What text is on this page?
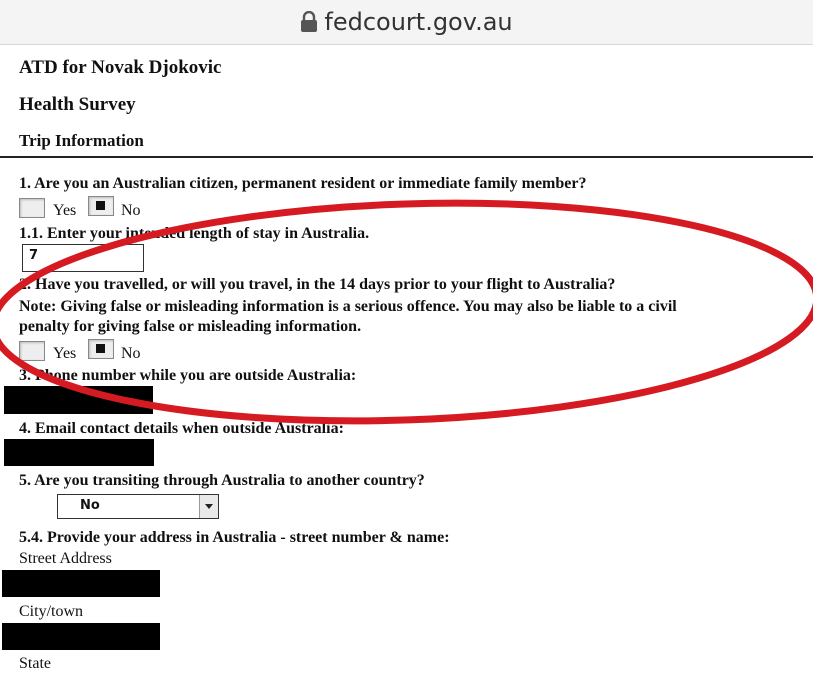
fedcourt.gov.au
ATD for Novak Djokovic
Health Survey
Trip Information
1. Are you an Australian citizen, permanent resident or immediate family member?
Yes	No
1.1. Enter your intended length of stay in Australia.
7
2. Have you travelled, or will you travel, in the 14 days prior to your flight to Australia?
Note: Giving false or misleading information is a serious offence. You may also be liable to a civil
penalty for giving false or misleading information.
Yes	No
3. Phone number while you are outside Australia:
4. Email contact details when outside Australia:
5. Are you transiting through Australia to another country?
No
5.4. Provide your address in Australia - street number & name:
Street Address
City/town
State
